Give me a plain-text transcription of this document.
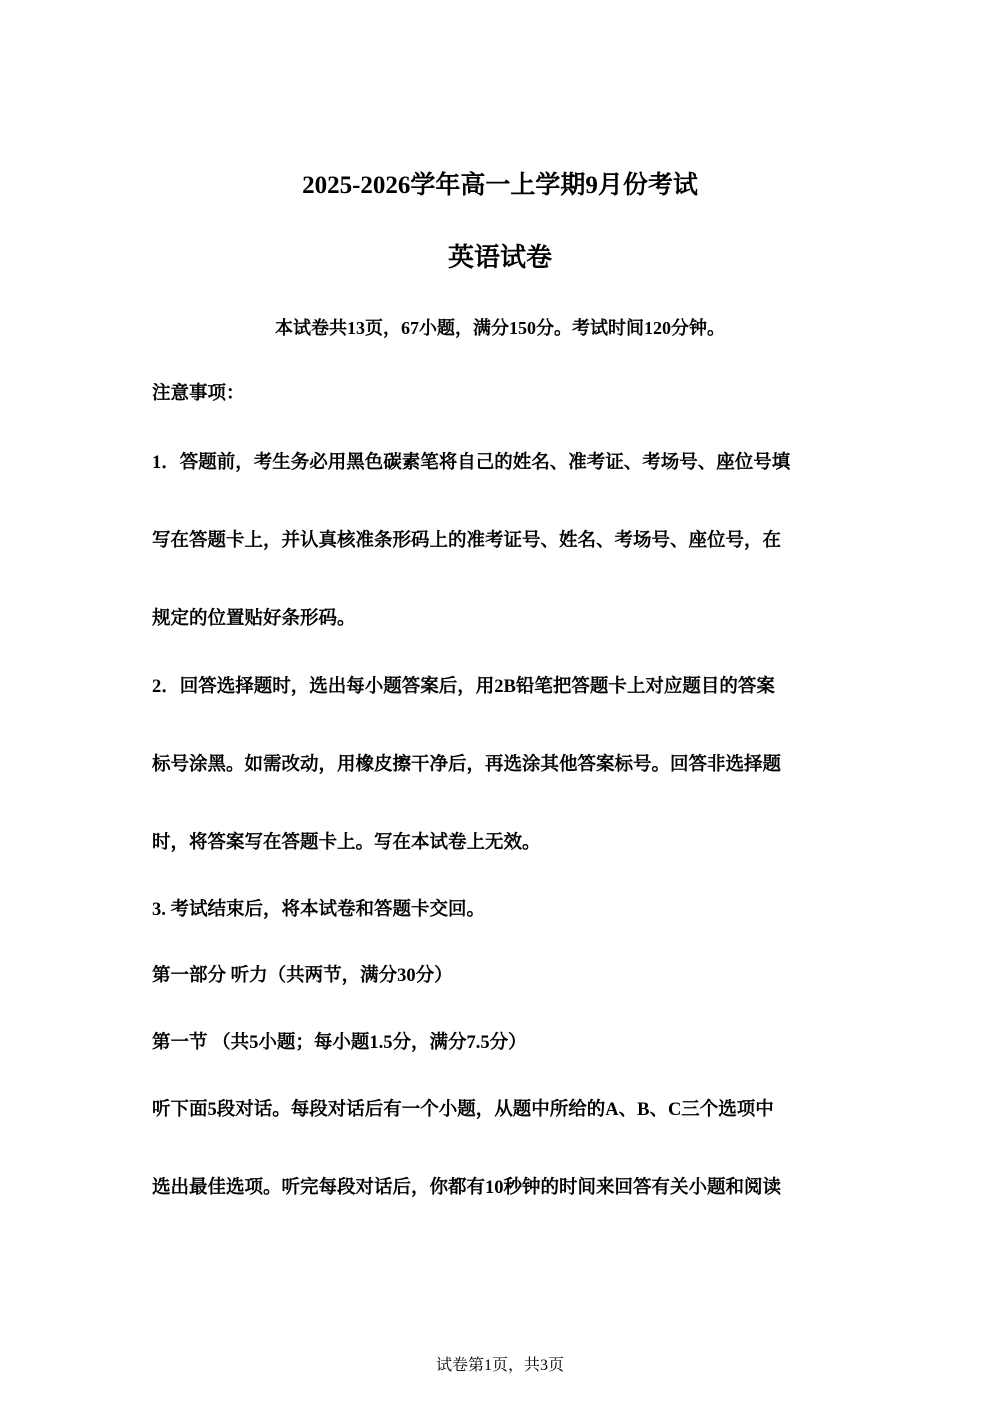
2025-2026学年高一上学期9月份考试
英语试卷
本试卷共13页，67小题，满分150分。考试时间120分钟。
注意事项：
1．答题前，考生务必用黑色碳素笔将自己的姓名、准考证、考场号、座位号填
写在答题卡上，并认真核准条形码上的准考证号、姓名、考场号、座位号，在
规定的位置贴好条形码。
2．回答选择题时，选出每小题答案后，用2B铅笔把答题卡上对应题目的答案
标号涂黑。如需改动，用橡皮擦干净后，再选涂其他答案标号。回答非选择题
时，将答案写在答题卡上。写在本试卷上无效。
3. 考试结束后，将本试卷和答题卡交回。
第一部分 听力（共两节，满分30分）
第一节 （共5小题；每小题1.5分，满分7.5分）
听下面5段对话。每段对话后有一个小题，从题中所给的A、B、C三个选项中
选出最佳选项。听完每段对话后，你都有10秒钟的时间来回答有关小题和阅读
试卷第1页，共3页
